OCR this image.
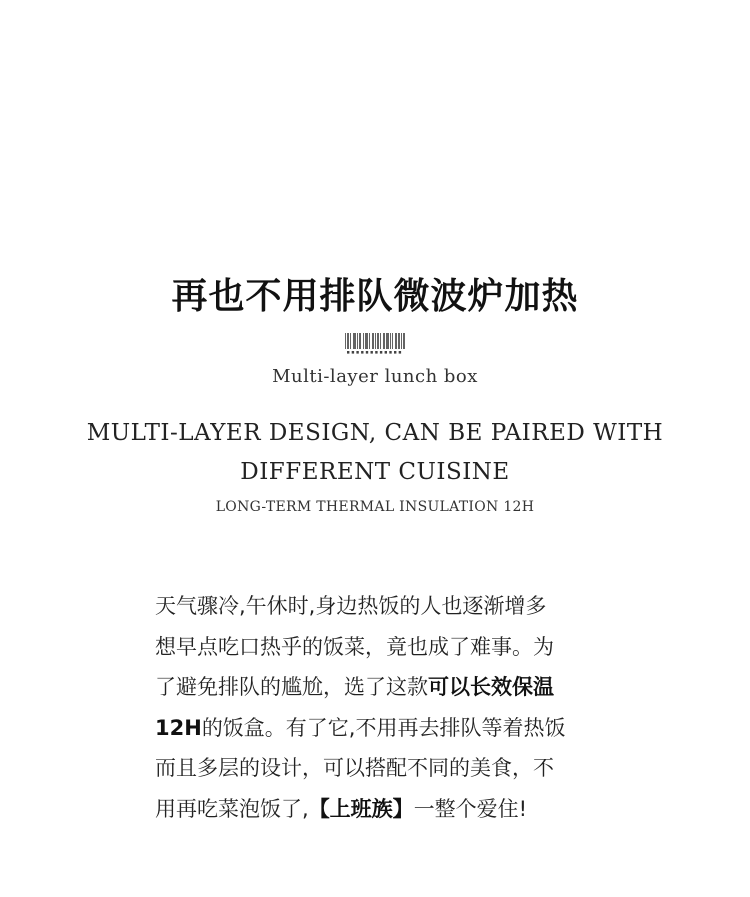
再也不用排队微波炉加热
Multi-layer lunch box
MULTI-LAYER DESIGN, CAN BE PAIRED WITH
DIFFERENT CUISINE
LONG-TERM THERMAL INSULATION 12H
天气骤冷,午休时,身边热饭的人也逐渐增多
想早点吃口热乎的饭菜，竟也成了难事。为
了避免排队的尴尬，选了这款可以长效保温
12H的饭盒。有了它,不用再去排队等着热饭
而且多层的设计，可以搭配不同的美食，不
用再吃菜泡饭了,【上班族】一整个爱住!
